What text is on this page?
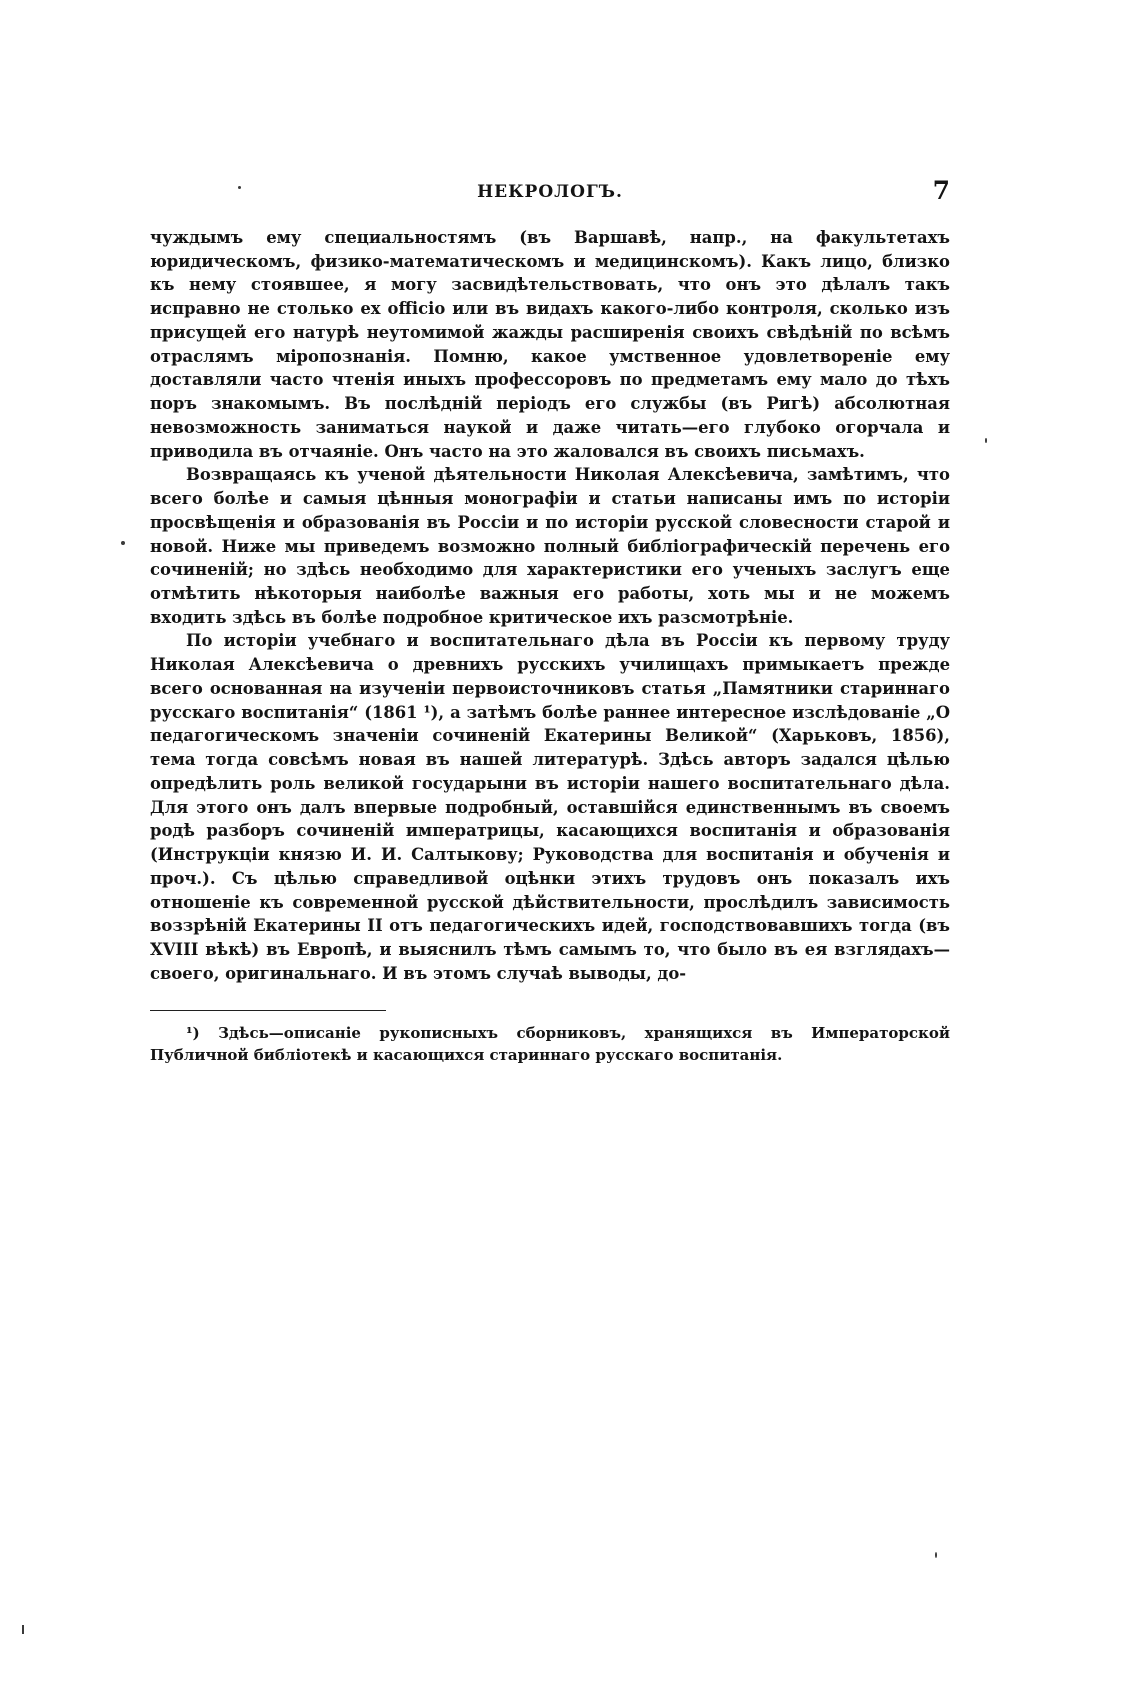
НЕКРОЛОГЪ.	7

чуждымъ ему специальностямъ (въ Варшавѣ, напр., на факультетахъ юридическомъ, физико-математическомъ и медицинскомъ). Какъ лицо, близко къ нему стоявшее, я могу засвидѣтельствовать, что онъ это дѣлалъ такъ исправно не столько ex officio или въ видахъ какого-либо контроля, сколько изъ присущей его натурѣ неутомимой жажды расширенія своихъ свѣдѣній по всѣмъ отраслямъ міропознанія. Помню, какое умственное удовлетвореніе ему доставляли часто чтенія иныхъ профессоровъ по предметамъ ему мало до тѣхъ поръ знакомымъ. Въ послѣдній періодъ его службы (въ Ригѣ) абсолютная невозможность заниматься наукой и даже читать—его глубоко огорчала и приводила въ отчаяніе. Онъ часто на это жаловался въ своихъ письмахъ.

Возвращаясь къ ученой дѣятельности Николая Алексѣевича, замѣтимъ, что всего болѣе и самыя цѣнныя монографіи и статьи написаны имъ по исторіи просвѣщенія и образованія въ Россіи и по исторіи русской словесности старой и новой. Ниже мы приведемъ возможно полный библіографическій перечень его сочиненій; но здѣсь необходимо для характеристики его ученыхъ заслугъ еще отмѣтить нѣкоторыя наиболѣе важныя его работы, хоть мы и не можемъ входить здѣсь въ болѣе подробное критическое ихъ разсмотрѣніе.

По исторіи учебнаго и воспитательнаго дѣла въ Россіи къ первому труду Николая Алексѣевича о древнихъ русскихъ училищахъ примыкаетъ прежде всего основанная на изученіи первоисточниковъ статья „Памятники стариннаго русскаго воспитанія“ (1861 ¹), а затѣмъ болѣе раннее интересное изслѣдованіе „О педагогическомъ значеніи сочиненій Екатерины Великой“ (Харьковъ, 1856), тема тогда совсѣмъ новая въ нашей литературѣ. Здѣсь авторъ задался цѣлью опредѣлить роль великой государыни въ исторіи нашего воспитательнаго дѣла. Для этого онъ далъ впервые подробный, оставшійся единственнымъ въ своемъ родѣ разборъ сочиненій императрицы, касающихся воспитанія и образованія (Инструкціи князю И. И. Салтыкову; Руководства для воспитанія и обученія и проч.). Съ цѣлью справедливой оцѣнки этихъ трудовъ онъ показалъ ихъ отношеніе къ современной русской дѣйствительности, прослѣдилъ зависимость воззрѣній Екатерины II отъ педагогическихъ идей, господствовавшихъ тогда (въ XVIII вѣкѣ) въ Европѣ, и выяснилъ тѣмъ самымъ то, что было въ ея взглядахъ—своего, оригинальнаго. И въ этомъ случаѣ выводы, до-

¹) Здѣсь—описаніе рукописныхъ сборниковъ, хранящихся въ Императорской Публичной библіотекѣ и касающихся стариннаго русскаго воспитанія.
